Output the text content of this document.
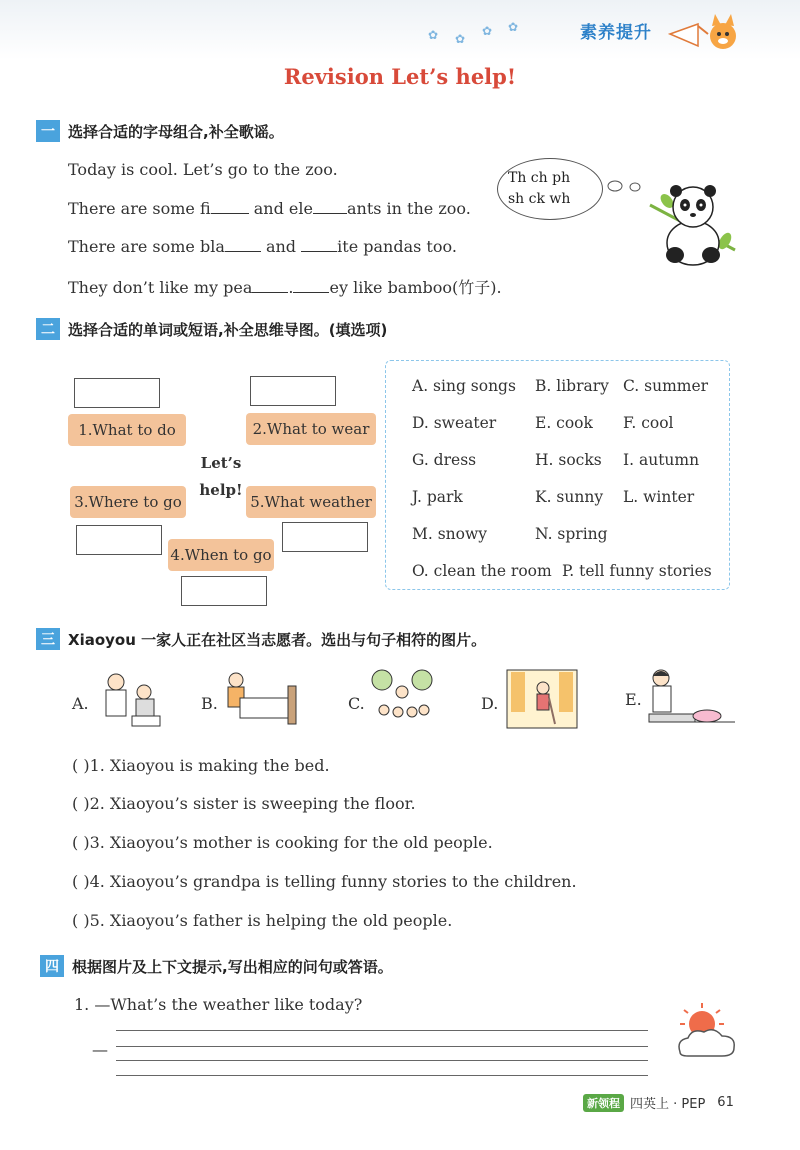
✿ ✿
✿ ✿	素养提升
Revision Let’s help!
一 选择合适的字母组合,补全歌谣。
Today is cool. Let’s go to the zoo.
There are some fi	and ele ants in the zoo.
There are some bla	and	ite pandas too.
They don’t like my pea . ey like bamboo(竹子).
Th ch ph
sh ck wh
二 选择合适的单词或短语,补全思维导图。(填选项)
1.What to do	2.What to wear
Let’s
help!
3.Where to go	5.What weather
4.When to go
A. sing songs B. library C. summer
D. sweater	E. cook F. cool
G. dress	H. socks I. autumn
J. park	K. sunny L. winter
M. snowy	N. spring
O. clean the room P. tell funny stories
三 Xiaoyou 一家人正在社区当志愿者。选出与句子相符的图片。
A.	B.	C.	D.	E.
( )1. Xiaoyou is making the bed.
( )2. Xiaoyou’s sister is sweeping the floor.
( )3. Xiaoyou’s mother is cooking for the old people.
( )4. Xiaoyou’s grandpa is telling funny stories to the children.
( )5. Xiaoyou’s father is helping the old people.
四 根据图片及上下文提示,写出相应的问句或答语。
1. —What’s the weather like today?
—
新领程 四英上 · PEP 61
